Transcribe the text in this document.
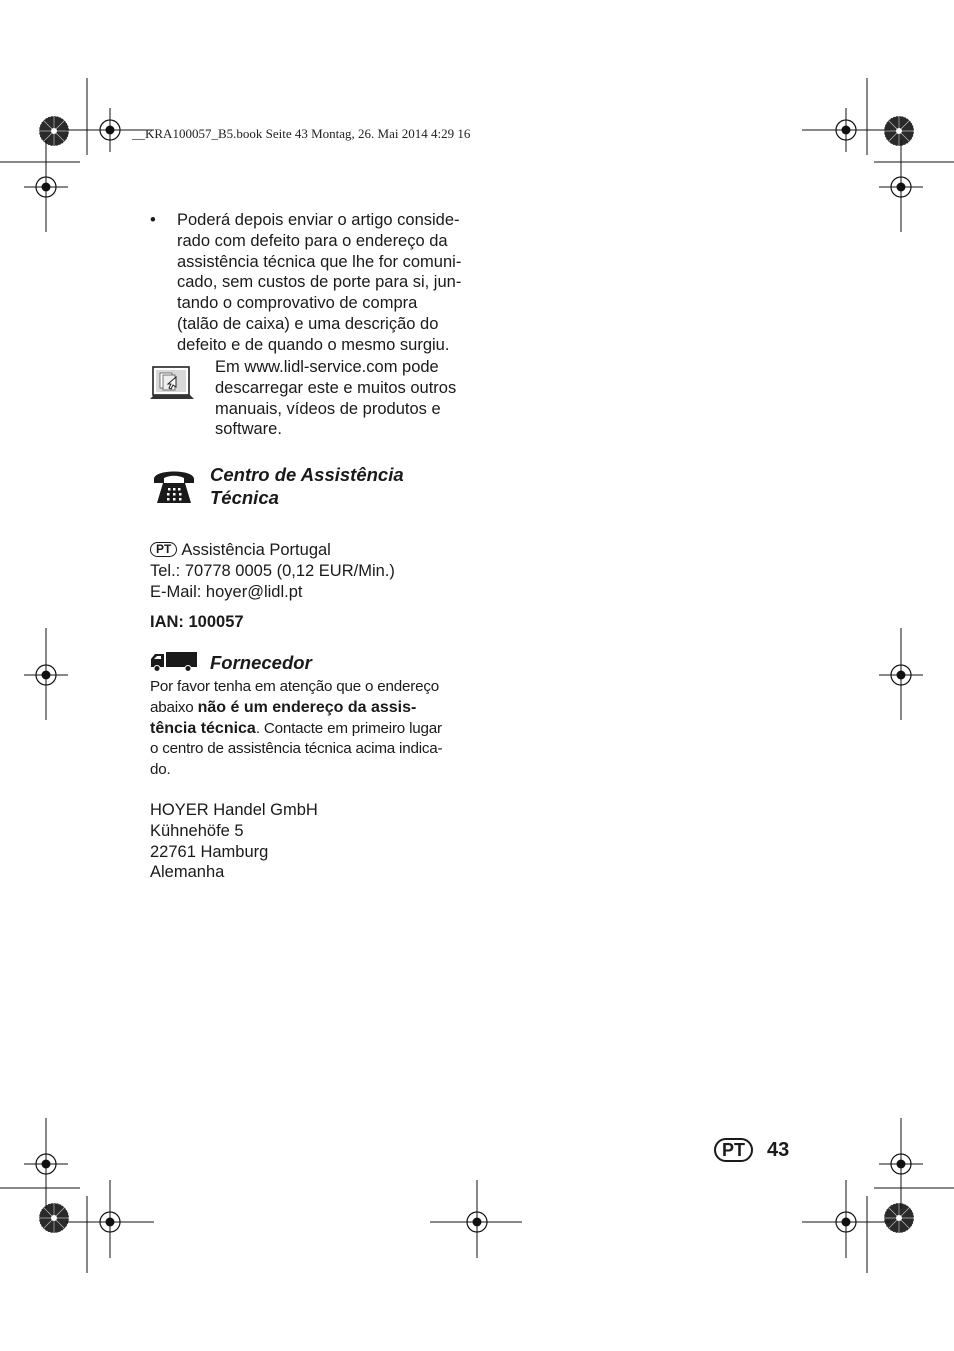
__KRA100057_B5.book Seite 43 Montag, 26. Mai 2014 4:29 16
•	Poderá depois enviar o artigo conside-
rado com defeito para o endereço da
assistência técnica que lhe for comuni-
cado, sem custos de porte para si, jun-
tando o comprovativo de compra
(talão de caixa) e uma descrição do
defeito e de quando o mesmo surgiu.
Em www.lidl-service.com pode
descarregar este e muitos outros
manuais, vídeos de produtos e
software.
Centro de Assistência
Técnica
PT Assistência Portugal
Tel.: 70778 0005 (0,12 EUR/Min.)
E-Mail: hoyer@lidl.pt
IAN: 100057
Fornecedor
Por favor tenha em atenção que o endereço
abaixo não é um endereço da assis-
tência técnica. Contacte em primeiro lugar
o centro de assistência técnica acima indica-
do.
HOYER Handel GmbH
Kühnehöfe 5
22761 Hamburg
Alemanha
PT	43
